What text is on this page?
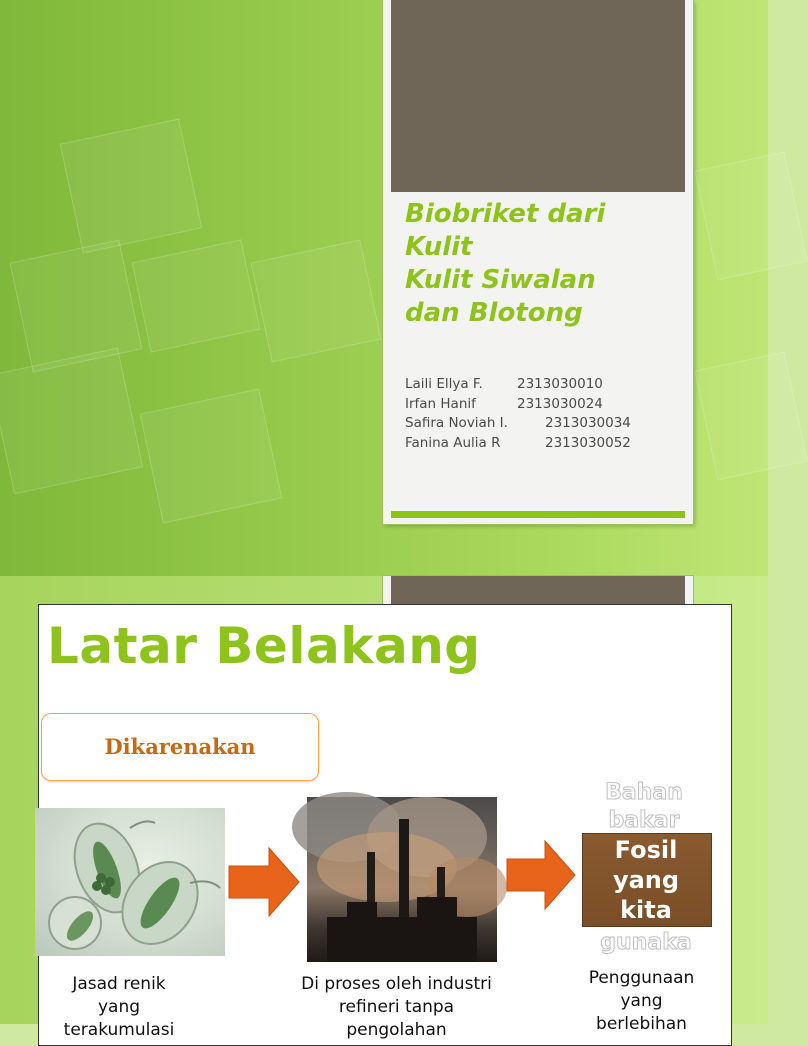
Biobriket dari
Kulit
Kulit Siwalan
dan Blotong
Laili Ellya F.	2313030010
Irfan Hanif	2313030024
Safira Noviah I.	2313030034
Fanina Aulia R	2313030052
Latar Belakang
Dikarenakan
Bahan
bakar
Fosil
yang
kita
gunaka
Jasad renik
yang
terakumulasi
Di proses oleh industri
refineri tanpa
pengolahan
Penggunaan
yang
berlebihan
